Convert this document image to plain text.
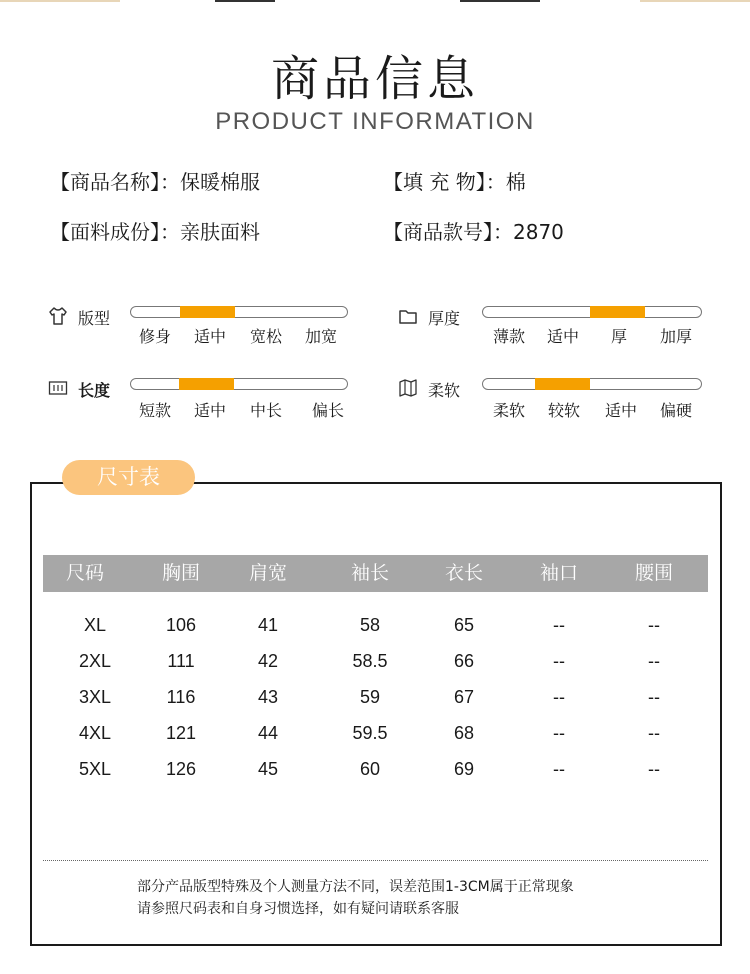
商品信息
PRODUCT INFORMATION
【商品名称】：保暖棉服	【填 充 物】：棉
【面料成份】：亲肤面料	【商品款号】：2870
版型
修身 适中 宽松 加宽
厚度
薄款 适中 厚 加厚
长度
短款 适中 中长 偏长
柔软
柔软 较软 适中 偏硬
尺寸表
尺码	胸围	肩宽	袖长	衣长	袖口	腰围
XL	106	41	58	65	--	--
2XL	111	42	58.5	66	--	--
3XL	116	43	59	67	--	--
4XL	121	44	59.5	68	--	--
5XL	126	45	60	69	--	--
部分产品版型特殊及个人测量方法不同，误差范围1-3CM属于正常现象
请参照尺码表和自身习惯选择，如有疑问请联系客服
